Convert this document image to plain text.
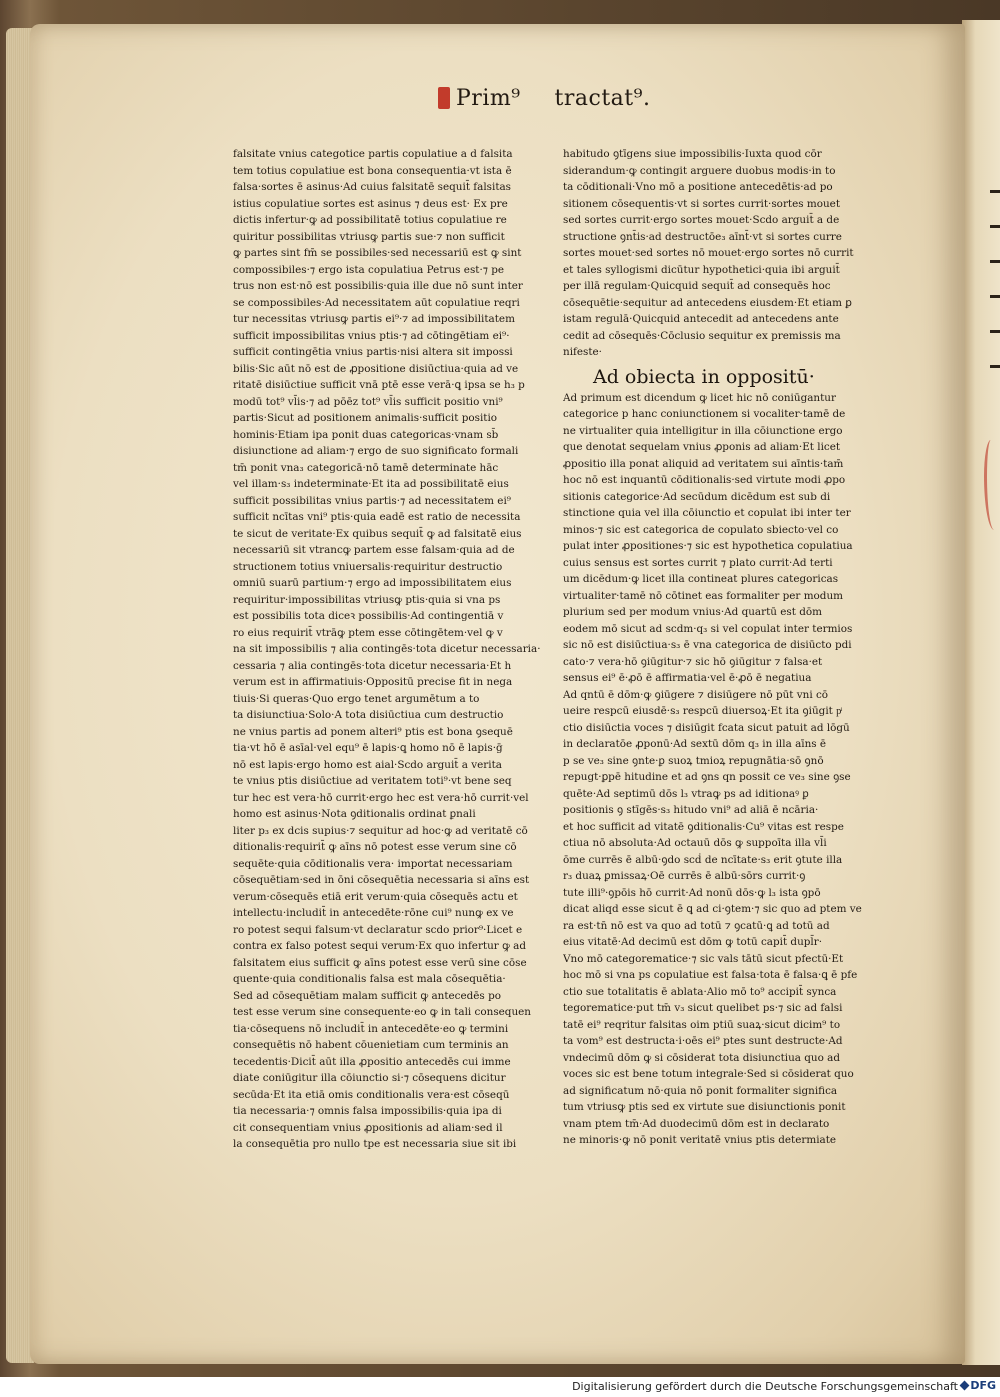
Prim⁹ tractat⁹.
falsitate vnius categotice partis copulatiue a d falsita
tem totius copulatiue est bona consequentia·vt ista ē
falsa·sortes ē asinus·Ad cuius falsitatē sequit̄ falsitas
istius copulatiue sortes est asinus ⁊ deus est· Ex pre
dictis infertur·ꝙ ad possibilitatē totius copulatiue re
quiritur possibilitas vtriusꝙ partis sue·⁊ non sufficit
ꝙ partes sint fm̄ se possibiles·sed necessariū est ꝙ sint
compossibiles·⁊ ergo ista copulatiua Petrus est·⁊ pe
trus non est·nō est possibilis·quia ille due nō sunt inter
se compossibiles·Ad necessitatem aūt copulatiue reqri
tur necessitas vtriusꝙ partis ei⁹·⁊ ad impossibilitatem
sufficit impossibilitas vnius ptis·⁊ ad cōtingētiam ei⁹·
sufficit contingētia vnius partis·nisi altera sit impossi
bilis·Sic aūt nō est de ꝓpositione disiūctiua·quia ad ve
ritatē disiūctiue sufficit vnā ptē esse verā·ꝗ ipsa se h₃ p
modū tot⁹ vl̄is·⁊ ad pōēz tot⁹ vl̄is sufficit positio vni⁹
partis·Sicut ad positionem animalis·sufficit positio
hominis·Etiam ipa ponit duas categoricas·vnam sb̄
disiunctione ad aliam·⁊ ergo de suo significato formali
tm̄ ponit vna₃ categoricā·nō tamē determinate hāc
vel illam·s₃ indeterminate·Et ita ad possibilitatē eius
sufficit possibilitas vnius partis·⁊ ad necessitatem ei⁹
sufficit ncītas vni⁹ ptis·quia eadē est ratio de necessita
te sicut de veritate·Ex quibus sequit̄ ꝙ ad falsitatē eius
necessariū sit vtrancꝙ partem esse falsam·quia ad de
structionem totius vniuersalis·requiritur destructio
omniū suarū partium·⁊ ergo ad impossibilitatem eius
requiritur·impossibilitas vtriusꝙ ptis·quia si vna ps
est possibilis tota diceꝛ possibilis·Ad contingentiā v
ro eius requirit̄ vtrāꝙ ptem esse cōtingētem·vel ꝙ v
na sit impossibilis ⁊ alia contingēs·tota dicetur necessaria·
cessaria ⁊ alia contingēs·tota dicetur necessaria·Et h
verum est in affirmatiuis·Oppositū precise fit in nega
tiuis·Si queras·Quo ergo tenet argumētum a to
ta disiunctiua·Solo·A tota disiūctiua cum destructio
ne vnius partis ad ponem alteri⁹ ptis est bona ꝯsequē
tia·vt hō ē asīal·vel equ⁹ ē lapis·ꝗ homo nō ē lapis·ḡ
nō est lapis·ergo homo est aial·Scdo arguit̄ a verita
te vnius ptis disiūctiue ad veritatem toti⁹·vt bene seq
tur hec est vera·hō currit·ergo hec est vera·hō currit·vel
homo est asinus·Nota ꝯditionalis ordinat ꝑnali
liter p₃ ex dcis supius·⁊ sequitur ad hoc·ꝙ ad veritatē cō
ditionalis·requirit̄ ꝙ aīns nō potest esse verum sine cō
sequēte·quia cōditionalis vera· importat necessariam
cōsequētiam·sed in ōni cōsequētia necessaria si aīns est
verum·cōsequēs etiā erit verum·quia cōsequēs actu et
intellectu·includit̄ in antecedēte·rōne cui⁹ nunꝙ ex ve
ro potest sequi falsum·vt declaratur scdo prior⁹·Licet e
contra ex falso potest sequi verum·Ex quo infertur ꝙ ad
falsitatem eius sufficit ꝙ aīns potest esse verū sine cōse
quente·quia conditionalis falsa est mala cōsequētia·
Sed ad cōsequētiam malam sufficit ꝙ antecedēs po
test esse verum sine consequente·eo ꝙ in tali consequen
tia·cōsequens nō includit̄ in antecedēte·eo ꝙ termini
consequētis nō habent cōuenietiam cum terminis an
tecedentis·Dicit̄ aūt illa ꝓpositio antecedēs cui imme
diate coniūgitur illa cōiunctio si·⁊ cōsequens dicitur
secūda·Et ita etiā omis conditionalis vera·est cōseqū
tia necessaria·⁊ omnis falsa impossibilis·quia ipa di
cit consequentiam vnius ꝓpositionis ad aliam·sed il
la consequētia pro nullo tpe est necessaria siue sit ibi
habitudo ꝯtīgens siue impossibilis·Iuxta quod cōr
siderandum·ꝙ contingit arguere duobus modis·in to
ta cōditionali·Vno mō a positione antecedētis·ad po
sitionem cōsequentis·vt si sortes currit·sortes mouet
sed sortes currit·ergo sortes mouet·Scdo arguit̄ a de
structione ꝯnt̄is·ad destructōe₃ aīnt̄·vt si sortes curre
sortes mouet·sed sortes nō mouet·ergo sortes nō currit
et tales syllogismi dicūtur hypothetici·quia ibi arguit̄
per illā regulam·Quicquid sequit̄ ad consequēs hoc
cōsequētie·sequitur ad antecedens eiusdem·Et etiam ꝑ
istam regulā·Quicquid antecedit ad antecedens ante
cedit ad cōsequēs·Cōclusio sequitur ex premissis ma
nifeste·
Ad obiecta in oppositū·
Ad primum est dicendum ꝙ licet hic nō coniūgantur
categorice p hanc coniunctionem si vocaliter·tamē de
ne virtualiter quia intelligitur in illa cōiunctione ergo
que denotat sequelam vnius ꝓponis ad aliam·Et licet
ꝓpositio illa ponat aliquid ad veritatem sui aīntis·tam̄
hoc nō est inquantū cōditionalis·sed virtute modi ꝓpo
sitionis categorice·Ad secūdum dicēdum est sub di
stinctione quia vel illa cōiunctio et copulat ibi inter ter
minos·⁊ sic est categorica de copulato sbiecto·vel co
pulat inter ꝓpositiones·⁊ sic est hypothetica copulatiua
cuius sensus est sortes currit ⁊ plato currit·Ad terti
um dicēdum·ꝙ licet illa contineat plures categoricas
virtualiter·tamē nō cōtinet eas formaliter per modum
plurium sed per modum vnius·Ad quartū est dōm
eodem mō sicut ad scdm·q₃ si vel copulat inter termios
sic nō est disiūctiua·s₃ ē vna categorica de disiūcto pdi
cato·⁊ vera·hō ꝯiūgitur·⁊ sic hō ꝯiūgitur ⁊ falsa·et
sensus ei⁹ ē·ꝓō ē affirmatia·vel ē·ꝓō ē negatiua
Ad qntū ē dōm·ꝙ ꝯiūgere ⁊ disiūgere nō pūt vni cō
ueire respcū eiusdē·s₃ respcū diuersoꝝ·Et ita ꝯiūgit pͥ
ctio disiūctia voces ⁊ disiūgit fcata sicut patuit ad lōgū
in declaratōe ꝓponū·Ad sextū dōm q₃ in illa aīns ē
p se ve₃ sine ꝯnte·ꝑ suoꝝ tmioꝝ repugnātia·sō ꝯnō
repugt·ꝑpē hitudine et ad ꝯns qn possit ce ve₃ sine ꝯse
quēte·Ad septimū dōs l₃ vtraꝙ ps ad iditionaꝰ ꝑ
positionis ꝯ stīgēs·s₃ hitudo vni⁹ ad aliā ē ncāria·
et hoc sufficit ad vitatē ꝯditionalis·Cu⁹ vitas est respe
ctiua nō absoluta·Ad octauū dōs ꝙ suppoīta illa vl̄i
ōme currēs ē albū·ꝯdo scḋ de ncītate·s₃ erit ꝯtute illa
r₃ duaꝝ ꝑmissaꝝ·Oē currēs ē albū·sōrs currit·ꝯ
tute illi⁹·ꝯpōis hō currit·Ad nonū dōs·ꝙ l₃ ista ꝯpō
dicat aliqd esse sicut ē ꝗ ad ci·ꝯtem·⁊ sic quo ad ptem ve
ra est·tn̄ nō est va quo ad totū ⁊ ꝯcatū·ꝗ ad totū ad
eius vitatē·Ad decimū est dōm ꝙ totū capit̄ dupl̄r·
Vno mō categorematice·⁊ sic vals tātū sicut pfectū·Et
hoc mō si vna ps copulatiue est falsa·tota ē falsa·ꝗ ē pfe
ctio sue totalitatis ē ablata·Alio mō to⁹ accipit̄ synca
tegorematice·put tm̄ v₃ sicut quelibet ps·⁊ sic ad falsi
tatē ei⁹ reqritur falsitas oim ptiū suaꝝ·sicut dicim⁹ to
ta vom⁹ est destructa·i·oēs ei⁹ ptes sunt destructe·Ad
vndecimū dōm ꝙ si cōsiderat tota disiunctiua quo ad
voces sic est bene totum integrale·Sed si cōsiderat quo
ad significatum nō·quia nō ponit formaliter significa
tum vtriusꝙ ptis sed ex virtute sue disiunctionis ponit
vnam ptem tm̄·Ad duodecimū dōm est in declarato
ne minoris·ꝙ nō ponit veritatē vnius ptis determiate
Digitalisierung gefördert durch die Deutsche Forschungsgemeinschaft	DFG
